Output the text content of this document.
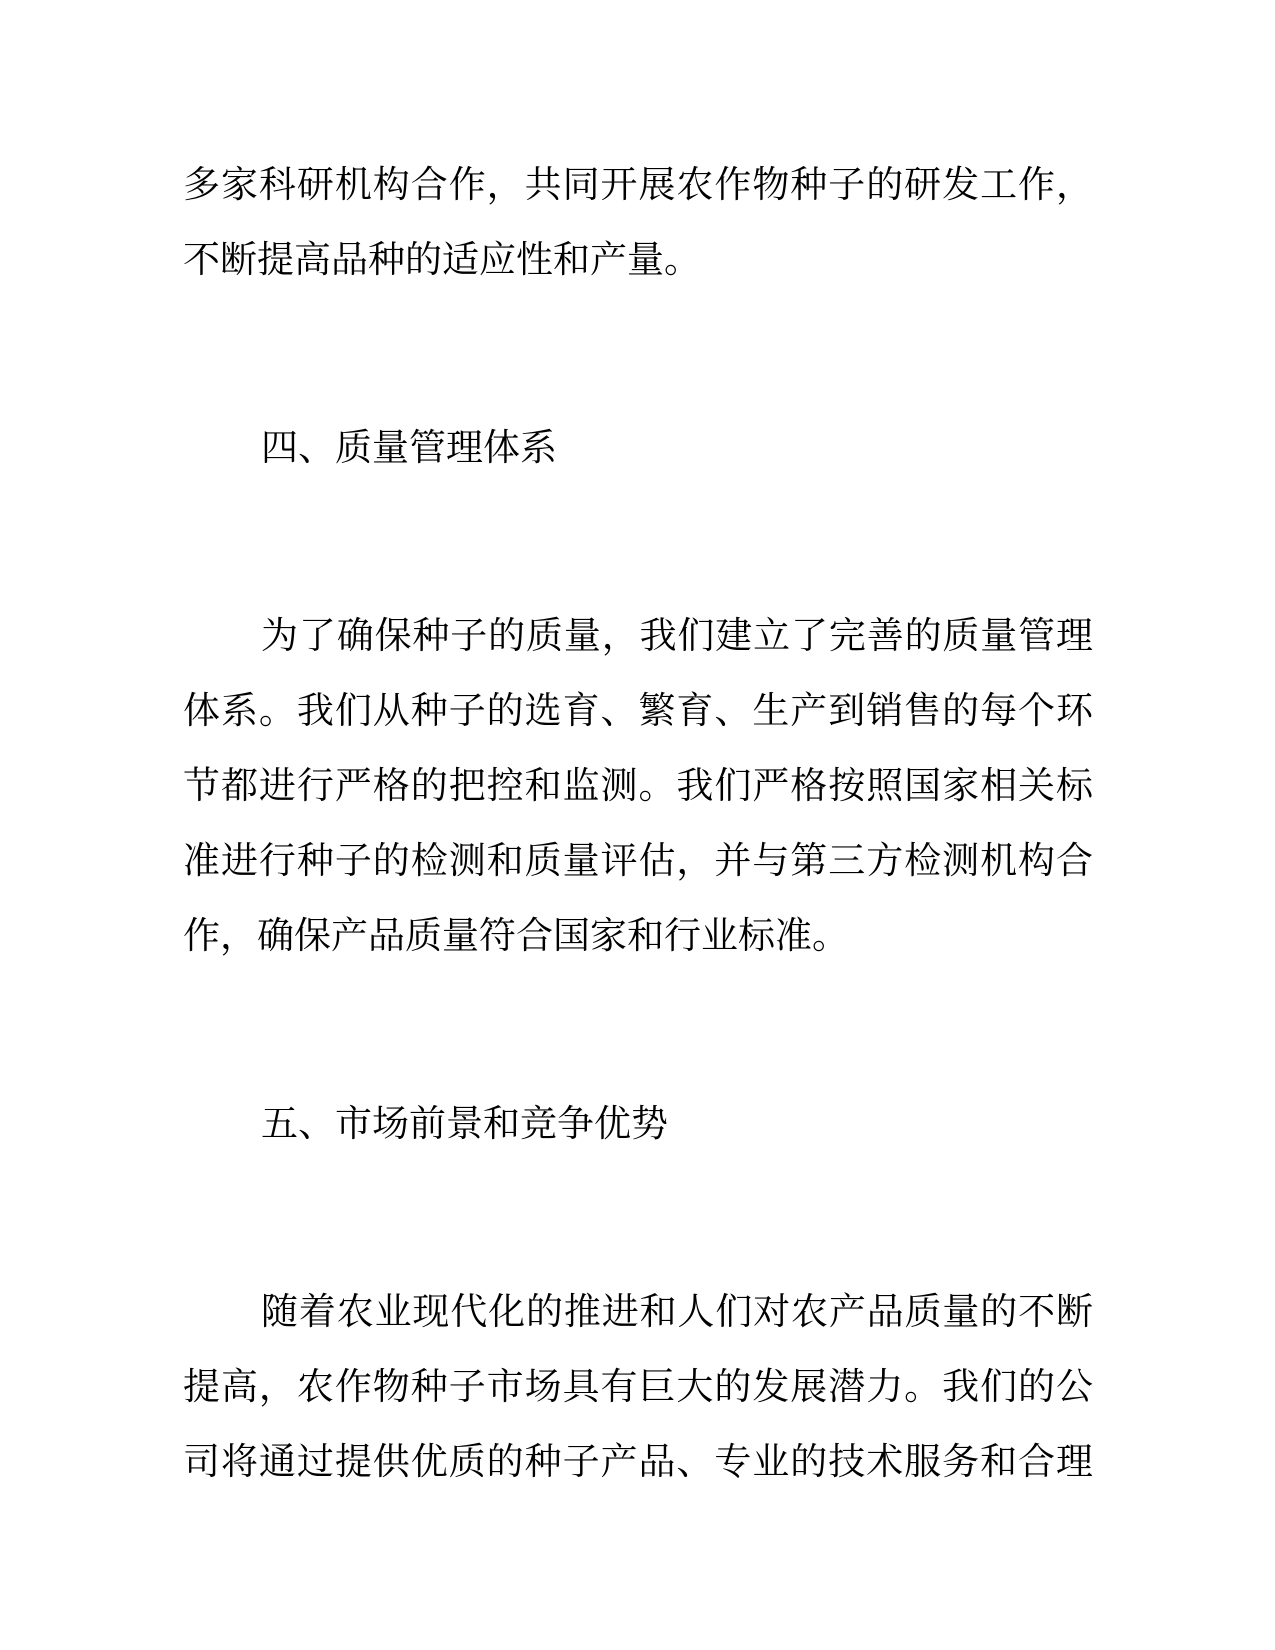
多家科研机构合作，共同开展农作物种子的研发工作，不断提高品种的适应性和产量。

四、质量管理体系

为了确保种子的质量，我们建立了完善的质量管理体系。我们从种子的选育、繁育、生产到销售的每个环节都进行严格的把控和监测。我们严格按照国家相关标准进行种子的检测和质量评估，并与第三方检测机构合作，确保产品质量符合国家和行业标准。

五、市场前景和竞争优势

随着农业现代化的推进和人们对农产品质量的不断提高，农作物种子市场具有巨大的发展潜力。我们的公司将通过提供优质的种子产品、专业的技术服务和合理
